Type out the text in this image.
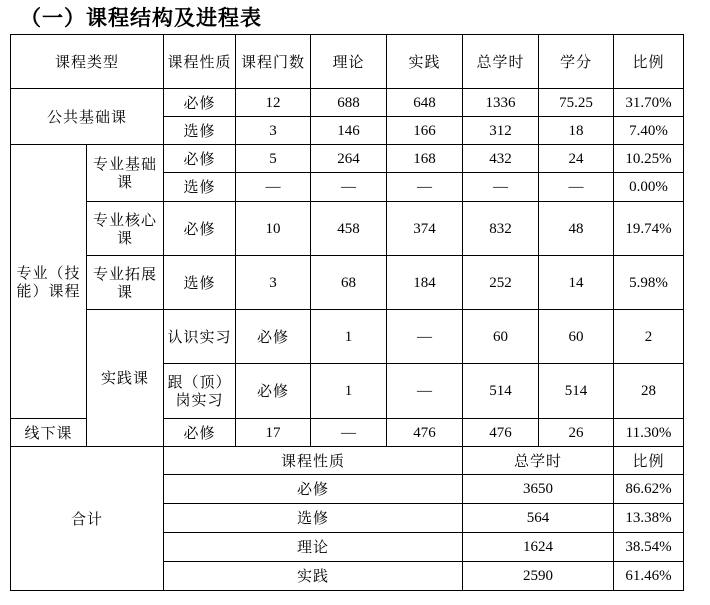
（一）课程结构及进程表
课程类型		课程性质	课程门数	理论	实践	总学时	学分	比例	
公共基础课		必修	12	688	648	1336	75.25	31.70%	
		选修	3	146	166	312	18	7.40%	
专业（技能）课程	专业基础课	必修	5	264	168	432	24	10.25%	
		选修	—	—	—	—	—	0.00%	
	专业核心课	必修	10	458	374	832	48	19.74%	
	专业拓展课	选修	3	68	184	252	14	5.98%	
	实践课	认识实习	必修	1	—	60	60	2	
		跟（顶）岗实习	必修	1	—	514	514	28	
线下课		必修	17	—	476	476	26	11.30%	
合计		课程性质				总学时		比例	
		必修				3650		86.62%	
		选修				564		13.38%	
		理论				1624		38.54%	
		实践				2590		61.46%	
